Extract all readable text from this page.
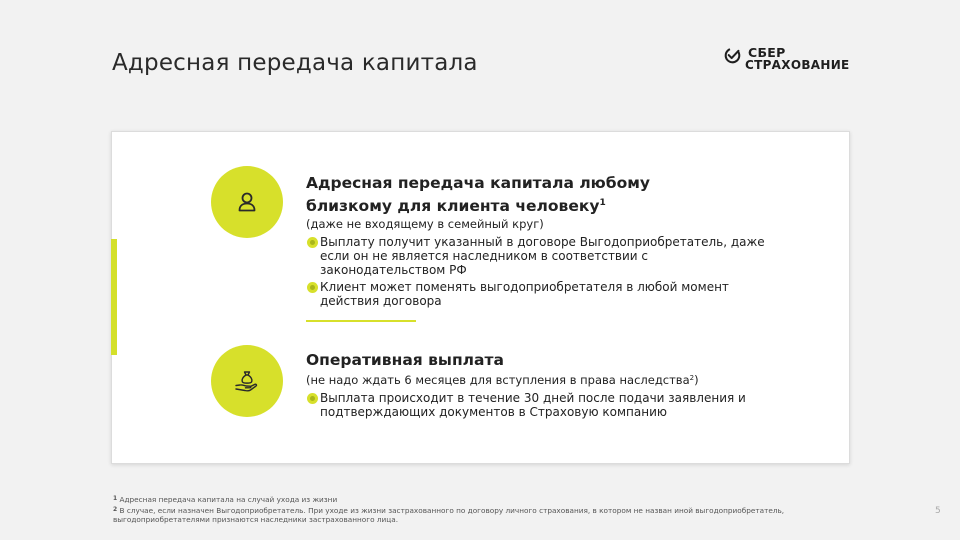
Адресная передача капитала	СБЕР
СТРАХОВАНИЕ

Адресная передача капитала любому
близкому для клиента человеку$^1$

(даже не входящему в семейный круг)

Выплату получит указанный в договоре Выгодоприобретатель, даже если он не является наследником в соответствии с законодательством РФ
Клиент может поменять выгодоприобретателя в любой момент действия договора

Оперативная выплата

(не надо ждать 6 месяцев для вступления в права наследства$^2$)

Выплата происходит в течение 30 дней после подачи заявления и подтверждающих документов в Страховую компанию
$^1$ Адресная передача капитала на случай ухода из жизни
$^2$ В случае, если назначен Выгодоприобретатель. При уходе из жизни застрахованного по договору личного страхования, в котором не назван иной выгодоприобретатель, выгодоприобретателями признаются наследники застрахованного лица.
5
